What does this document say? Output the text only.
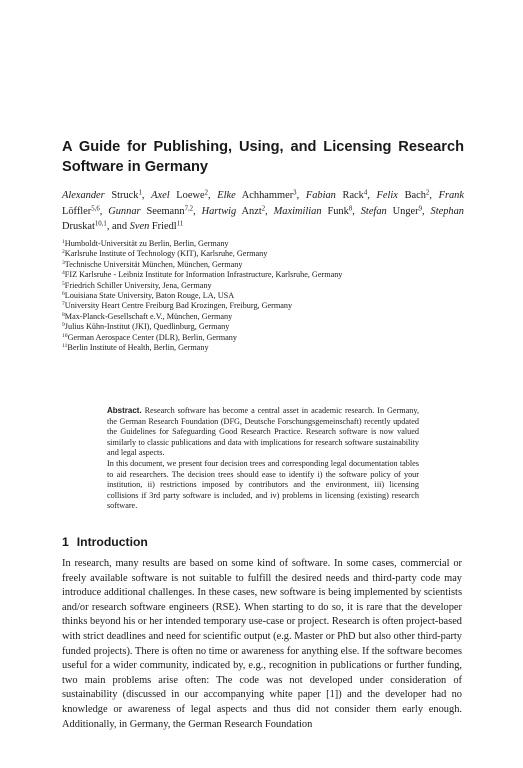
A Guide for Publishing, Using, and Licensing Research Software in Germany

Alexander Struck$^1$, Axel Loewe$^2$, Elke Achhammer$^3$, Fabian Rack$^4$, Felix Bach$^2$, Frank Löffler$^{5,6}$, Gunnar Seemann$^{7,2}$, Hartwig Anzt$^2$, Maximilian Funk$^8$, Stefan Unger$^9$, Stephan Druskat$^{10,1}$, and Sven Friedl$^{11}$

$^1$Humboldt-Universität zu Berlin, Berlin, Germany
$^2$Karlsruhe Institute of Technology (KIT), Karlsruhe, Germany
$^3$Technische Universität München, München, Germany
$^4$FIZ Karlsruhe - Leibniz Institute for Information Infrastructure, Karlsruhe, Germany
$^5$Friedrich Schiller University, Jena, Germany
$^6$Louisiana State University, Baton Rouge, LA, USA
$^7$University Heart Centre Freiburg Bad Krozingen, Freiburg, Germany
$^8$Max-Planck-Gesellschaft e.V., München, Germany
$^9$Julius Kühn-Institut (JKI), Quedlinburg, Germany
$^{10}$German Aerospace Center (DLR), Berlin, Germany
$^{11}$Berlin Institute of Health, Berlin, Germany

Abstract. Research software has become a central asset in academic research. In Germany, the German Research Foundation (DFG, Deutsche Forschungsgemeinschaft) recently updated the Guidelines for Safeguarding Good Research Practice. Research software is now valued similarly to classic publications and data with implications for research software sustainability and legal aspects.

In this document, we present four decision trees and corresponding legal documentation tables to aid researchers. The decision trees should ease to identify i) the software policy of your institution, ii) restrictions imposed by contributors and the environment, iii) licensing collisions if 3rd party software is included, and iv) problems in licensing (existing) research software.

1 Introduction

In research, many results are based on some kind of software. In some cases, commercial or freely available software is not suitable to fulfill the desired needs and third-party code may introduce additional challenges. In these cases, new software is being implemented by scientists and/or research software engineers (RSE). When starting to do so, it is rare that the developer thinks beyond his or her intended temporary use-case or project. Research is often project-based with strict deadlines and need for scientific output (e.g. Master or PhD but also other third-party funded projects). There is often no time or awareness for anything else. If the software becomes useful for a wider community, indicated by, e.g., recognition in publications or further funding, two main problems arise often: The code was not developed under consideration of sustainability (discussed in our accompanying white paper [1]) and the developer had no knowledge or awareness of legal aspects and thus did not consider them early enough. Additionally, in Germany, the German Research Foundation
